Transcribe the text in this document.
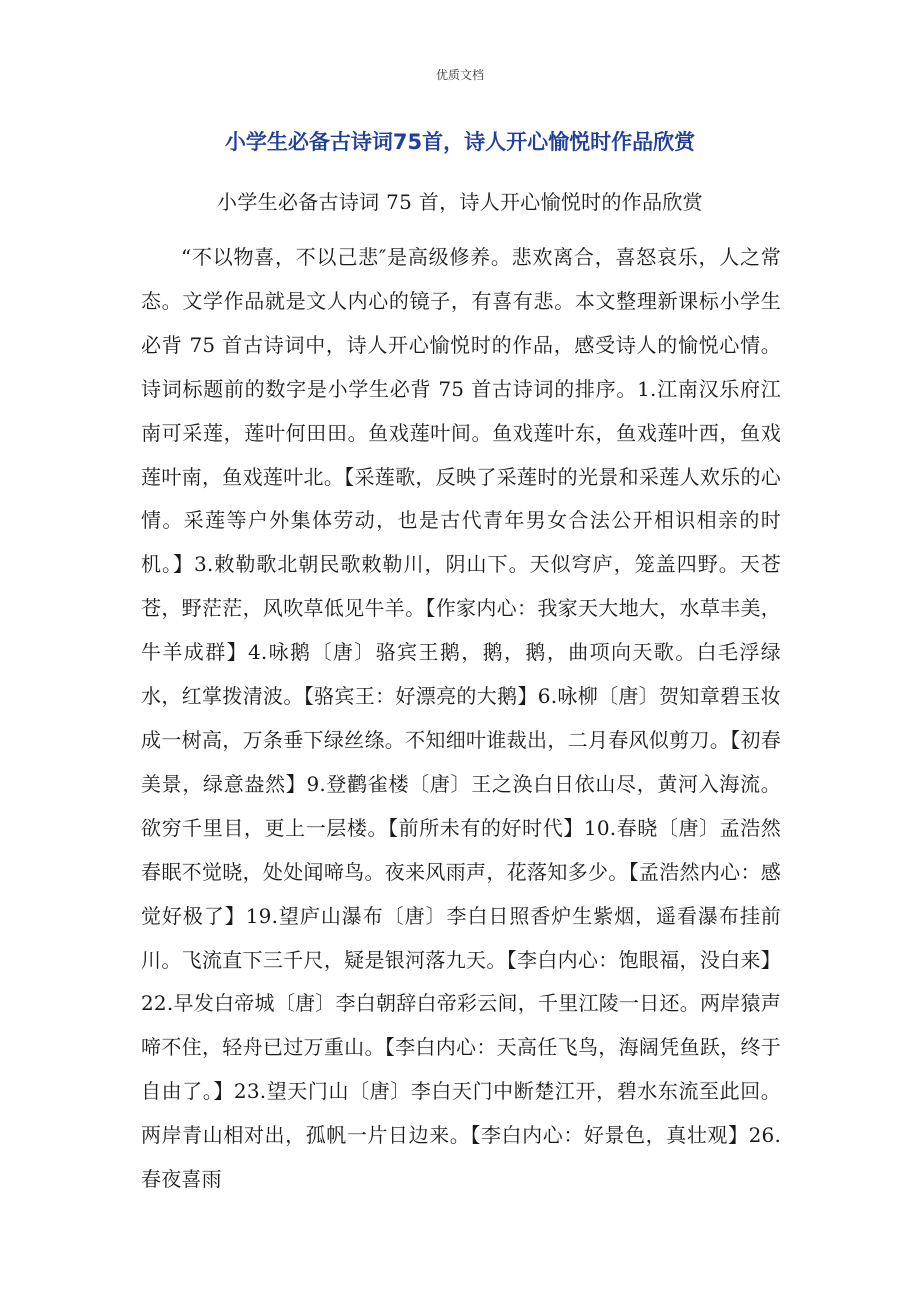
优质文档
小学生必备古诗词75首，诗人开心愉悦时作品欣赏
小学生必备古诗词 75 首，诗人开心愉悦时的作品欣赏

“不以物喜，不以己悲″是高级修养。悲欢离合，喜怒哀乐，人之常态。文学作品就是文人内心的镜子，有喜有悲。本文整理新课标小学生必背 75 首古诗词中，诗人开心愉悦时的作品，感受诗人的愉悦心情。诗词标题前的数字是小学生必背 75 首古诗词的排序。1.江南汉乐府江南可采莲，莲叶何田田。鱼戏莲叶间。鱼戏莲叶东，鱼戏莲叶西，鱼戏莲叶南，鱼戏莲叶北。【采莲歌，反映了采莲时的光景和采莲人欢乐的心情。采莲等户外集体劳动，也是古代青年男女合法公开相识相亲的时机。】3.敕勒歌北朝民歌敕勒川，阴山下。天似穹庐，笼盖四野。天苍苍，野茫茫，风吹草低见牛羊。【作家内心：我家天大地大，水草丰美，牛羊成群】4.咏鹅〔唐〕骆宾王鹅，鹅，鹅，曲项向天歌。白毛浮绿水，红掌拨清波。【骆宾王：好漂亮的大鹅】6.咏柳〔唐〕贺知章碧玉妆成一树高，万条垂下绿丝绦。不知细叶谁裁出，二月春风似剪刀。【初春美景，绿意盎然】9.登鹳雀楼〔唐〕王之涣白日依山尽，黄河入海流。欲穷千里目，更上一层楼。【前所未有的好时代】10.春晓〔唐〕孟浩然春眠不觉晓，处处闻啼鸟。夜来风雨声，花落知多少。【孟浩然内心：感觉好极了】19.望庐山瀑布〔唐〕李白日照香炉生紫烟，遥看瀑布挂前川。飞流直下三千尺，疑是银河落九天。【李白内心：饱眼福，没白来】22.早发白帝城〔唐〕李白朝辞白帝彩云间，千里江陵一日还。两岸猿声啼不住，轻舟已过万重山。【李白内心：天高任飞鸟，海阔凭鱼跃，终于自由了。】23.望天门山〔唐〕李白天门中断楚江开，碧水东流至此回。两岸青山相对出，孤帆一片日边来。【李白内心：好景色，真壮观】26.春夜喜雨
